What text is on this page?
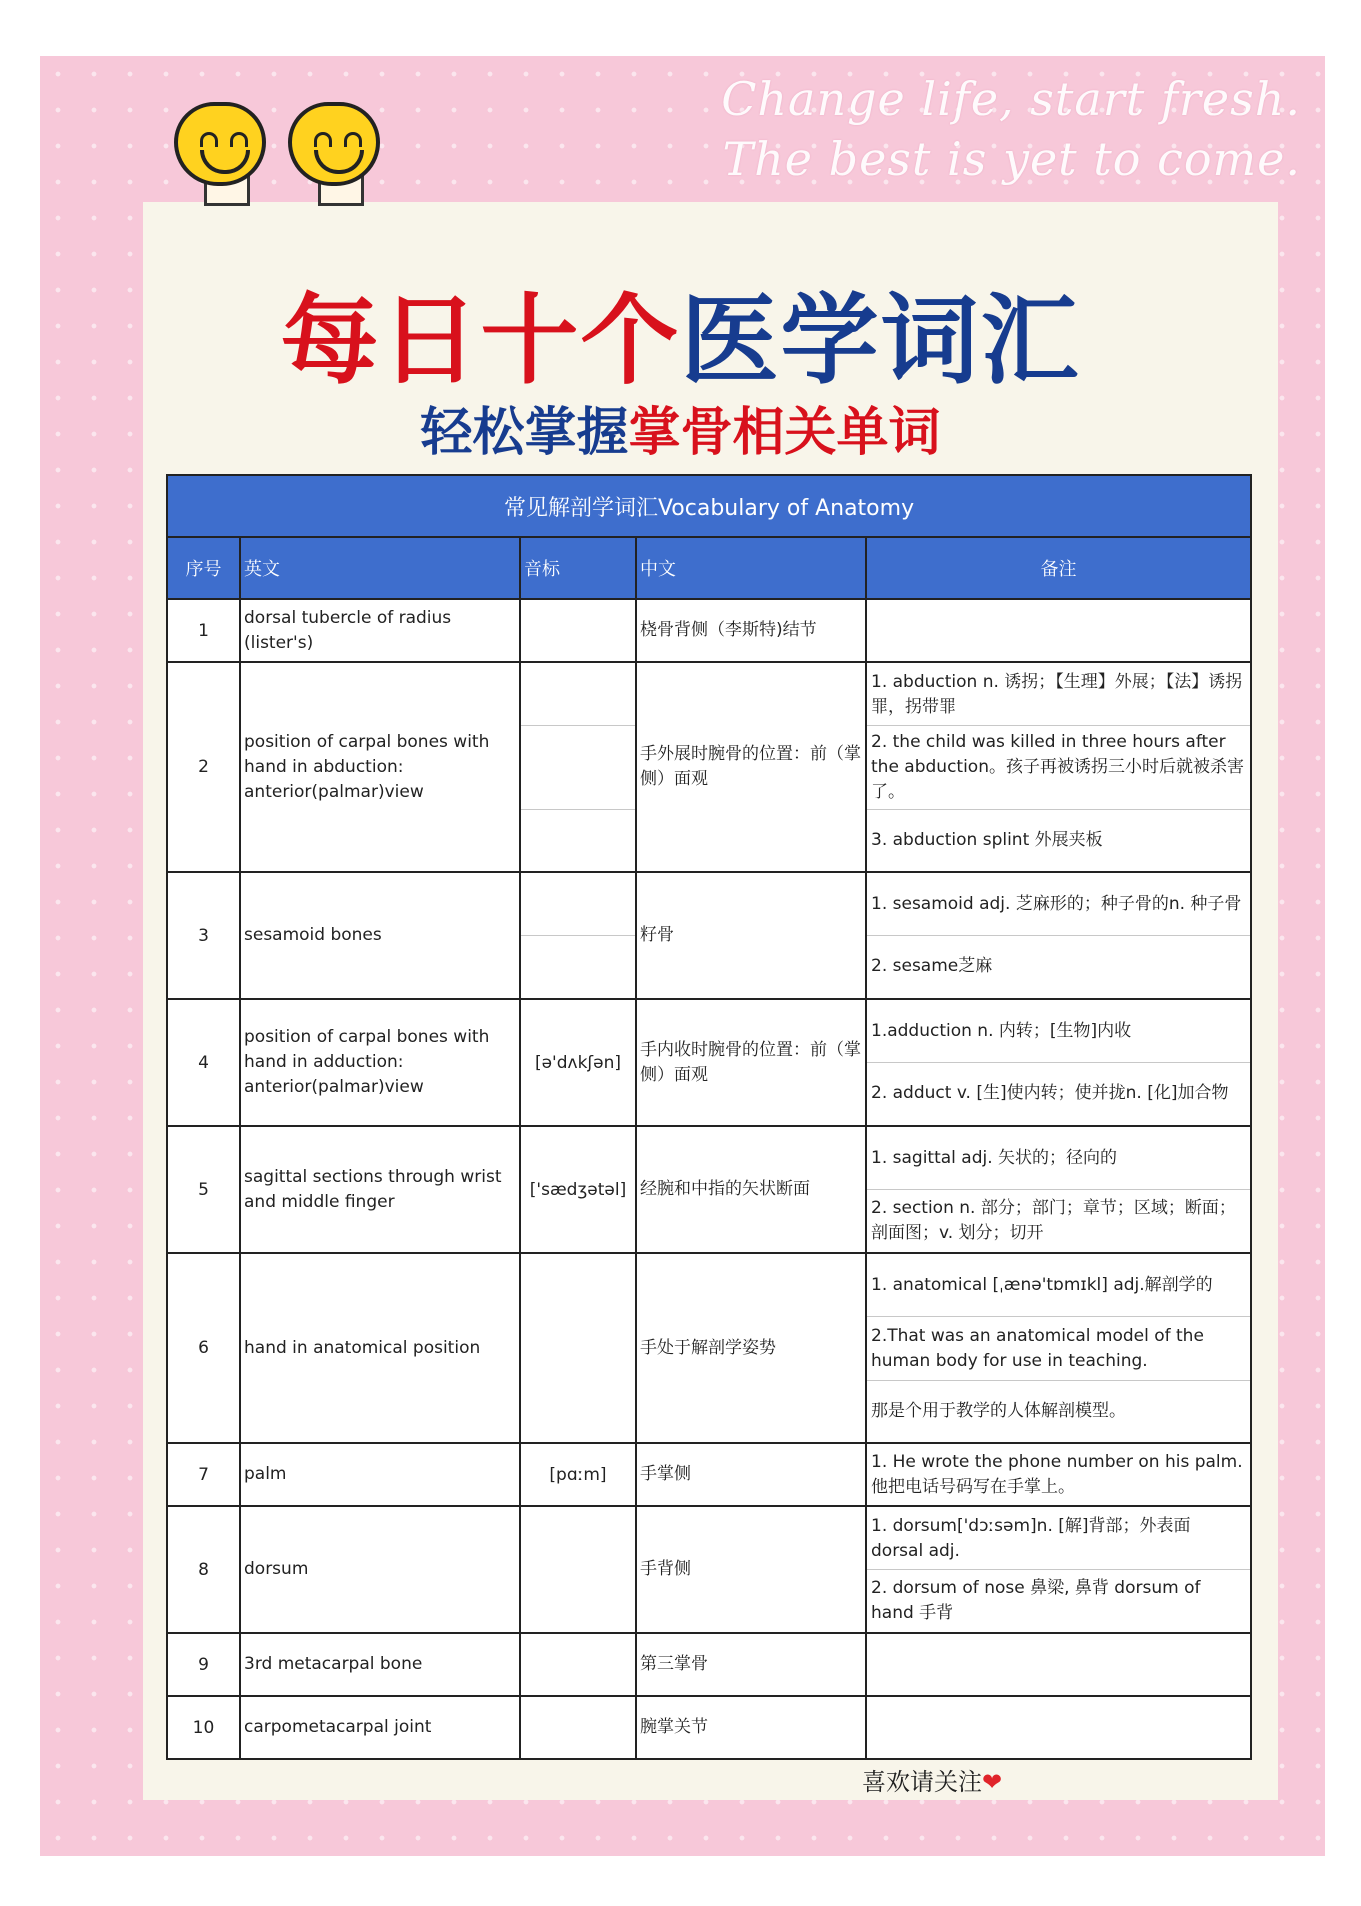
Change life, start fresh.
The best is yet to come.
每日十个医学词汇
轻松掌握掌骨相关单词
常见解剖学词汇Vocabulary of Anatomy				
序号	英文	音标	中文	备注
1	dorsal tubercle of radius (lister's)		桡骨背侧（李斯特)结节	
2	position of carpal bones with hand in abduction: anterior(palmar)view		手外展时腕骨的位置：前（掌侧）面观	1. abduction n. 诱拐；【生理】外展；【法】诱拐罪，拐带罪
2. the child was killed in three hours after the abduction。孩子再被诱拐三小时后就被杀害了。
3. abduction splint 外展夹板

3	sesamoid bones		籽骨	1. sesamoid adj. 芝麻形的；种子骨的n. 种子骨
2. sesame芝麻

4	position of carpal bones with hand in adduction: anterior(palmar)view	[ə'dʌkʃən]	手内收时腕骨的位置：前（掌侧）面观	1.adduction n. 内转；[生物]内收
2. adduct v. [生]使内转；使并拢n. [化]加合物

5	sagittal sections through wrist and middle finger	['sædʒətəl]	经腕和中指的矢状断面	1. sagittal adj. 矢状的；径向的
2. section n. 部分；部门；章节；区域；断面；剖面图；v. 划分；切开

6	hand in anatomical position		手处于解剖学姿势	1. anatomical [ˌænə'tɒmɪkl] adj.解剖学的
2.That was an anatomical model of the human body for use in teaching.
那是个用于教学的人体解剖模型。

7	palm	[pɑːm]	手掌侧	1. He wrote the phone number on his palm. 他把电话号码写在手掌上。

8	dorsum		手背侧	1. dorsum['dɔːsəm]n. [解]背部；外表面 dorsal adj.
2. dorsum of nose 鼻梁, 鼻背 dorsum of hand 手背

9	3rd metacarpal bone		第三掌骨	
10	carpometacarpal joint		腕掌关节	
喜欢请关注❤
